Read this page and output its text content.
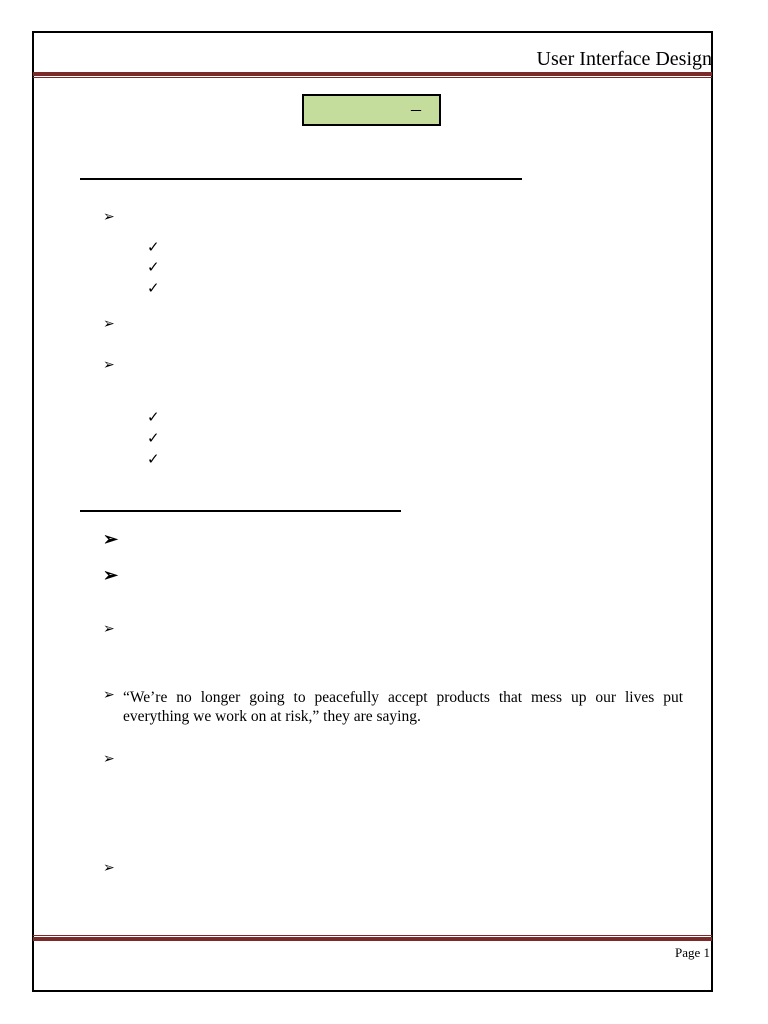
User Interface Design
–
➢
✓
✓
✓
➢
➢
✓
✓
✓
➢
➢
➢
➢ “We’re no longer going to peacefully accept products that mess up our lives put everything we work on at risk,” they are saying.
➢
➢
Page 1
